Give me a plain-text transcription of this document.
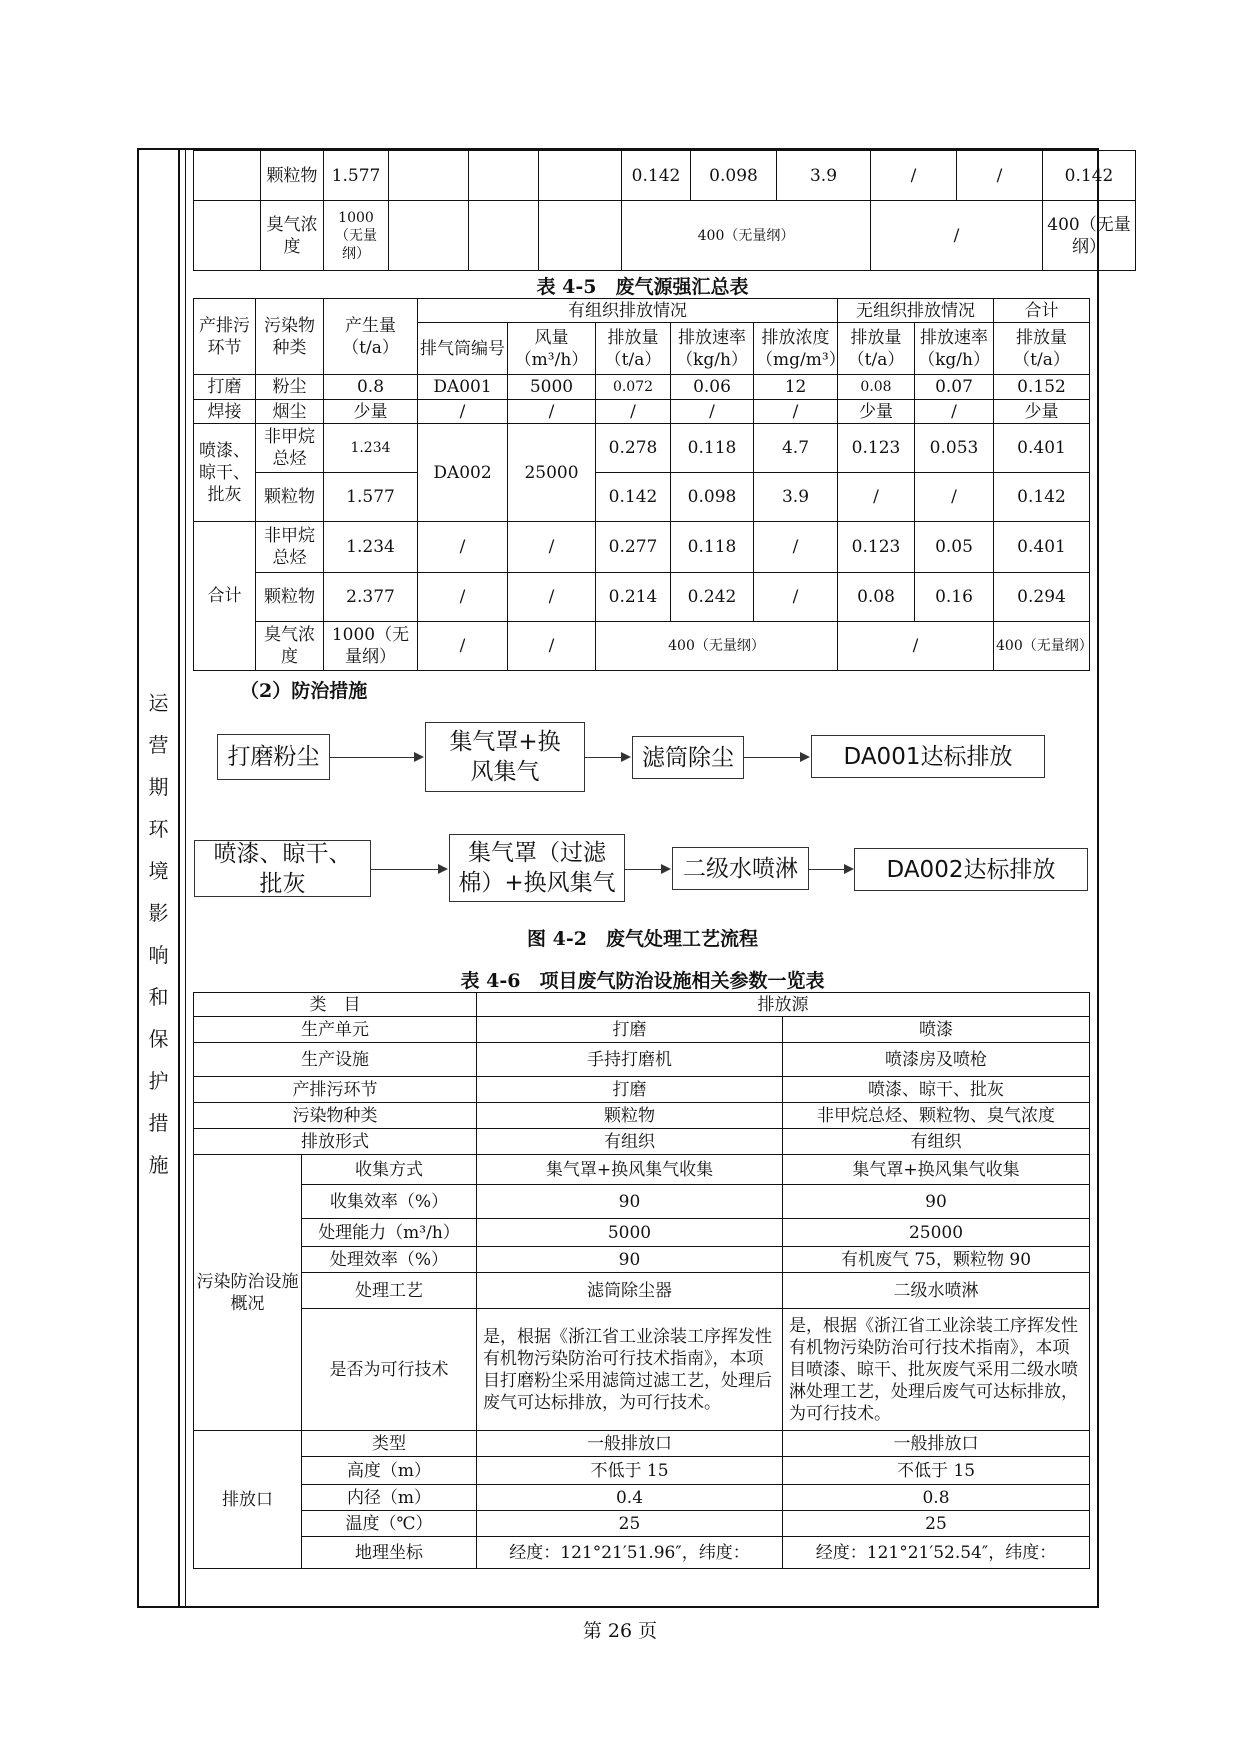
运
营
期
环
境
影
响
和
保
护
措
施
	颗粒物	1.577				0.142	0.098	3.9	/	/	0.142
	臭气浓度	1000（无量纲）				400（无量纲）			/		400（无量纲）
表 4-5　废气源强汇总表
产排污环节	污染物种类	产生量（t/a）	有组织排放情况					无组织排放情况		合计
			排气筒编号	风量（m³/h）	排放量（t/a）	排放速率（kg/h）	排放浓度（mg/m³）	排放量（t/a）	排放速率（kg/h）	排放量（t/a）
打磨	粉尘	0.8	DA001	5000	0.072	0.06	12	0.08	0.07	0.152
焊接	烟尘	少量	/	/	/	/	/	少量	/	少量
喷漆、晾干、批灰	非甲烷总烃	1.234	DA002	25000	0.278	0.118	4.7	0.123	0.053	0.401
	颗粒物	1.577			0.142	0.098	3.9	/	/	0.142
合计	非甲烷总烃	1.234	/	/	0.277	0.118	/	0.123	0.05	0.401
	颗粒物	2.377	/	/	0.214	0.242	/	0.08	0.16	0.294
	臭气浓度	1000（无量纲）	/	/	400（无量纲）			/		400（无量纲）
（2）防治措施
打磨粉尘
集气罩+换风集气
滤筒除尘	DA001达标排放
喷漆、晾干、批灰
集气罩（过滤棉）+换风集气
二级水喷淋	DA002达标排放
图 4-2　废气处理工艺流程
表 4-6　项目废气防治设施相关参数一览表
类　目		排放源	
生产单元		打磨	喷漆
生产设施		手持打磨机	喷漆房及喷枪
产排污环节		打磨	喷漆、晾干、批灰
污染物种类		颗粒物	非甲烷总烃、颗粒物、臭气浓度
排放形式		有组织	有组织
污染防治设施概况	收集方式	集气罩+换风集气收集	集气罩+换风集气收集
	收集效率（%）	90	90
	处理能力（m³/h）	5000	25000
	处理效率（%）	90	有机废气 75，颗粒物 90
	处理工艺	滤筒除尘器	二级水喷淋
	是否为可行技术	是，根据《浙江省工业涂装工序挥发性有机物污染防治可行技术指南》，本项目打磨粉尘采用滤筒过滤工艺，处理后废气可达标排放，为可行技术。	是，根据《浙江省工业涂装工序挥发性有机物污染防治可行技术指南》，本项目喷漆、晾干、批灰废气采用二级水喷淋处理工艺，处理后废气可达标排放，为可行技术。
排放口	类型	一般排放口	一般排放口
	高度（m）	不低于 15	不低于 15
	内径（m）	0.4	0.8
	温度（℃）	25	25
	地理坐标	经度：121°21′51.96″，纬度：	经度：121°21′52.54″，纬度：
第 26 页
